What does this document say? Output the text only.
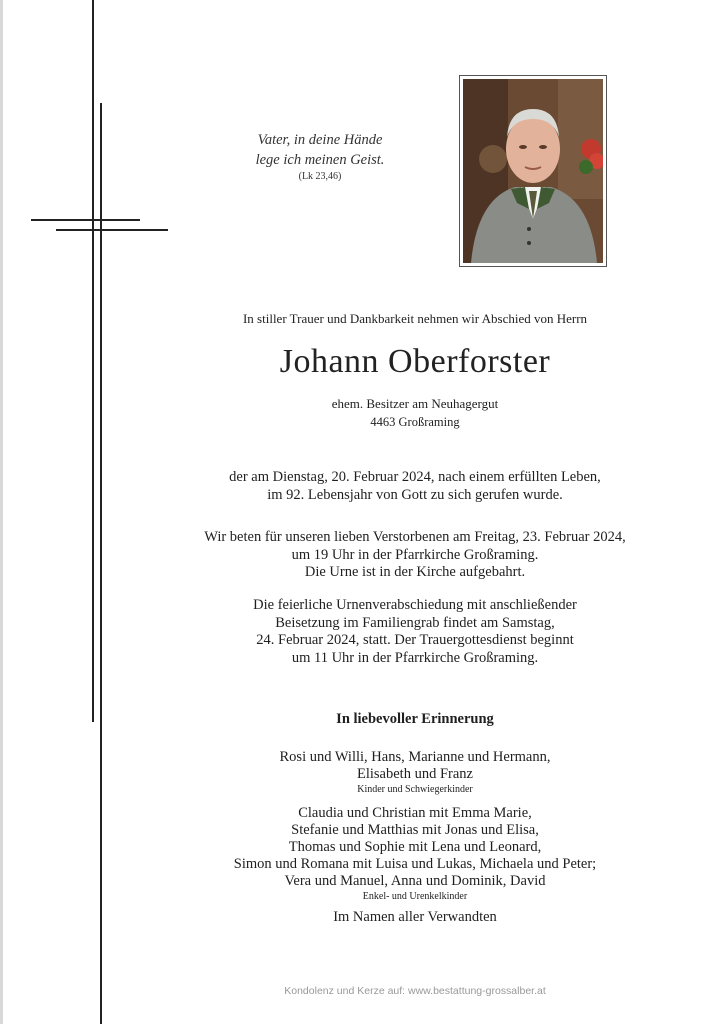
Vater, in deine Hände
lege ich meinen Geist.
(Lk 23,46)
In stiller Trauer und Dankbarkeit nehmen wir Abschied von Herrn
Johann Oberforster
ehem. Besitzer am Neuhagergut
4463 Großraming
der am Dienstag, 20. Februar 2024, nach einem erfüllten Leben,
im 92. Lebensjahr von Gott zu sich gerufen wurde.
Wir beten für unseren lieben Verstorbenen am Freitag, 23. Februar 2024,
um 19 Uhr in der Pfarrkirche Großraming.
Die Urne ist in der Kirche aufgebahrt.
Die feierliche Urnenverabschiedung mit anschließender
Beisetzung im Familiengrab findet am Samstag,
24. Februar 2024, statt. Der Trauergottesdienst beginnt
um 11 Uhr in der Pfarrkirche Großraming.
In liebevoller Erinnerung
Rosi und Willi, Hans, Marianne und Hermann,
Elisabeth und Franz
Kinder und Schwiegerkinder
Claudia und Christian mit Emma Marie,
Stefanie und Matthias mit Jonas und Elisa,
Thomas und Sophie mit Lena und Leonard,
Simon und Romana mit Luisa und Lukas, Michaela und Peter;
Vera und Manuel, Anna und Dominik, David
Enkel- und Urenkelkinder
Im Namen aller Verwandten
Kondolenz und Kerze auf: www.bestattung-grossalber.at
